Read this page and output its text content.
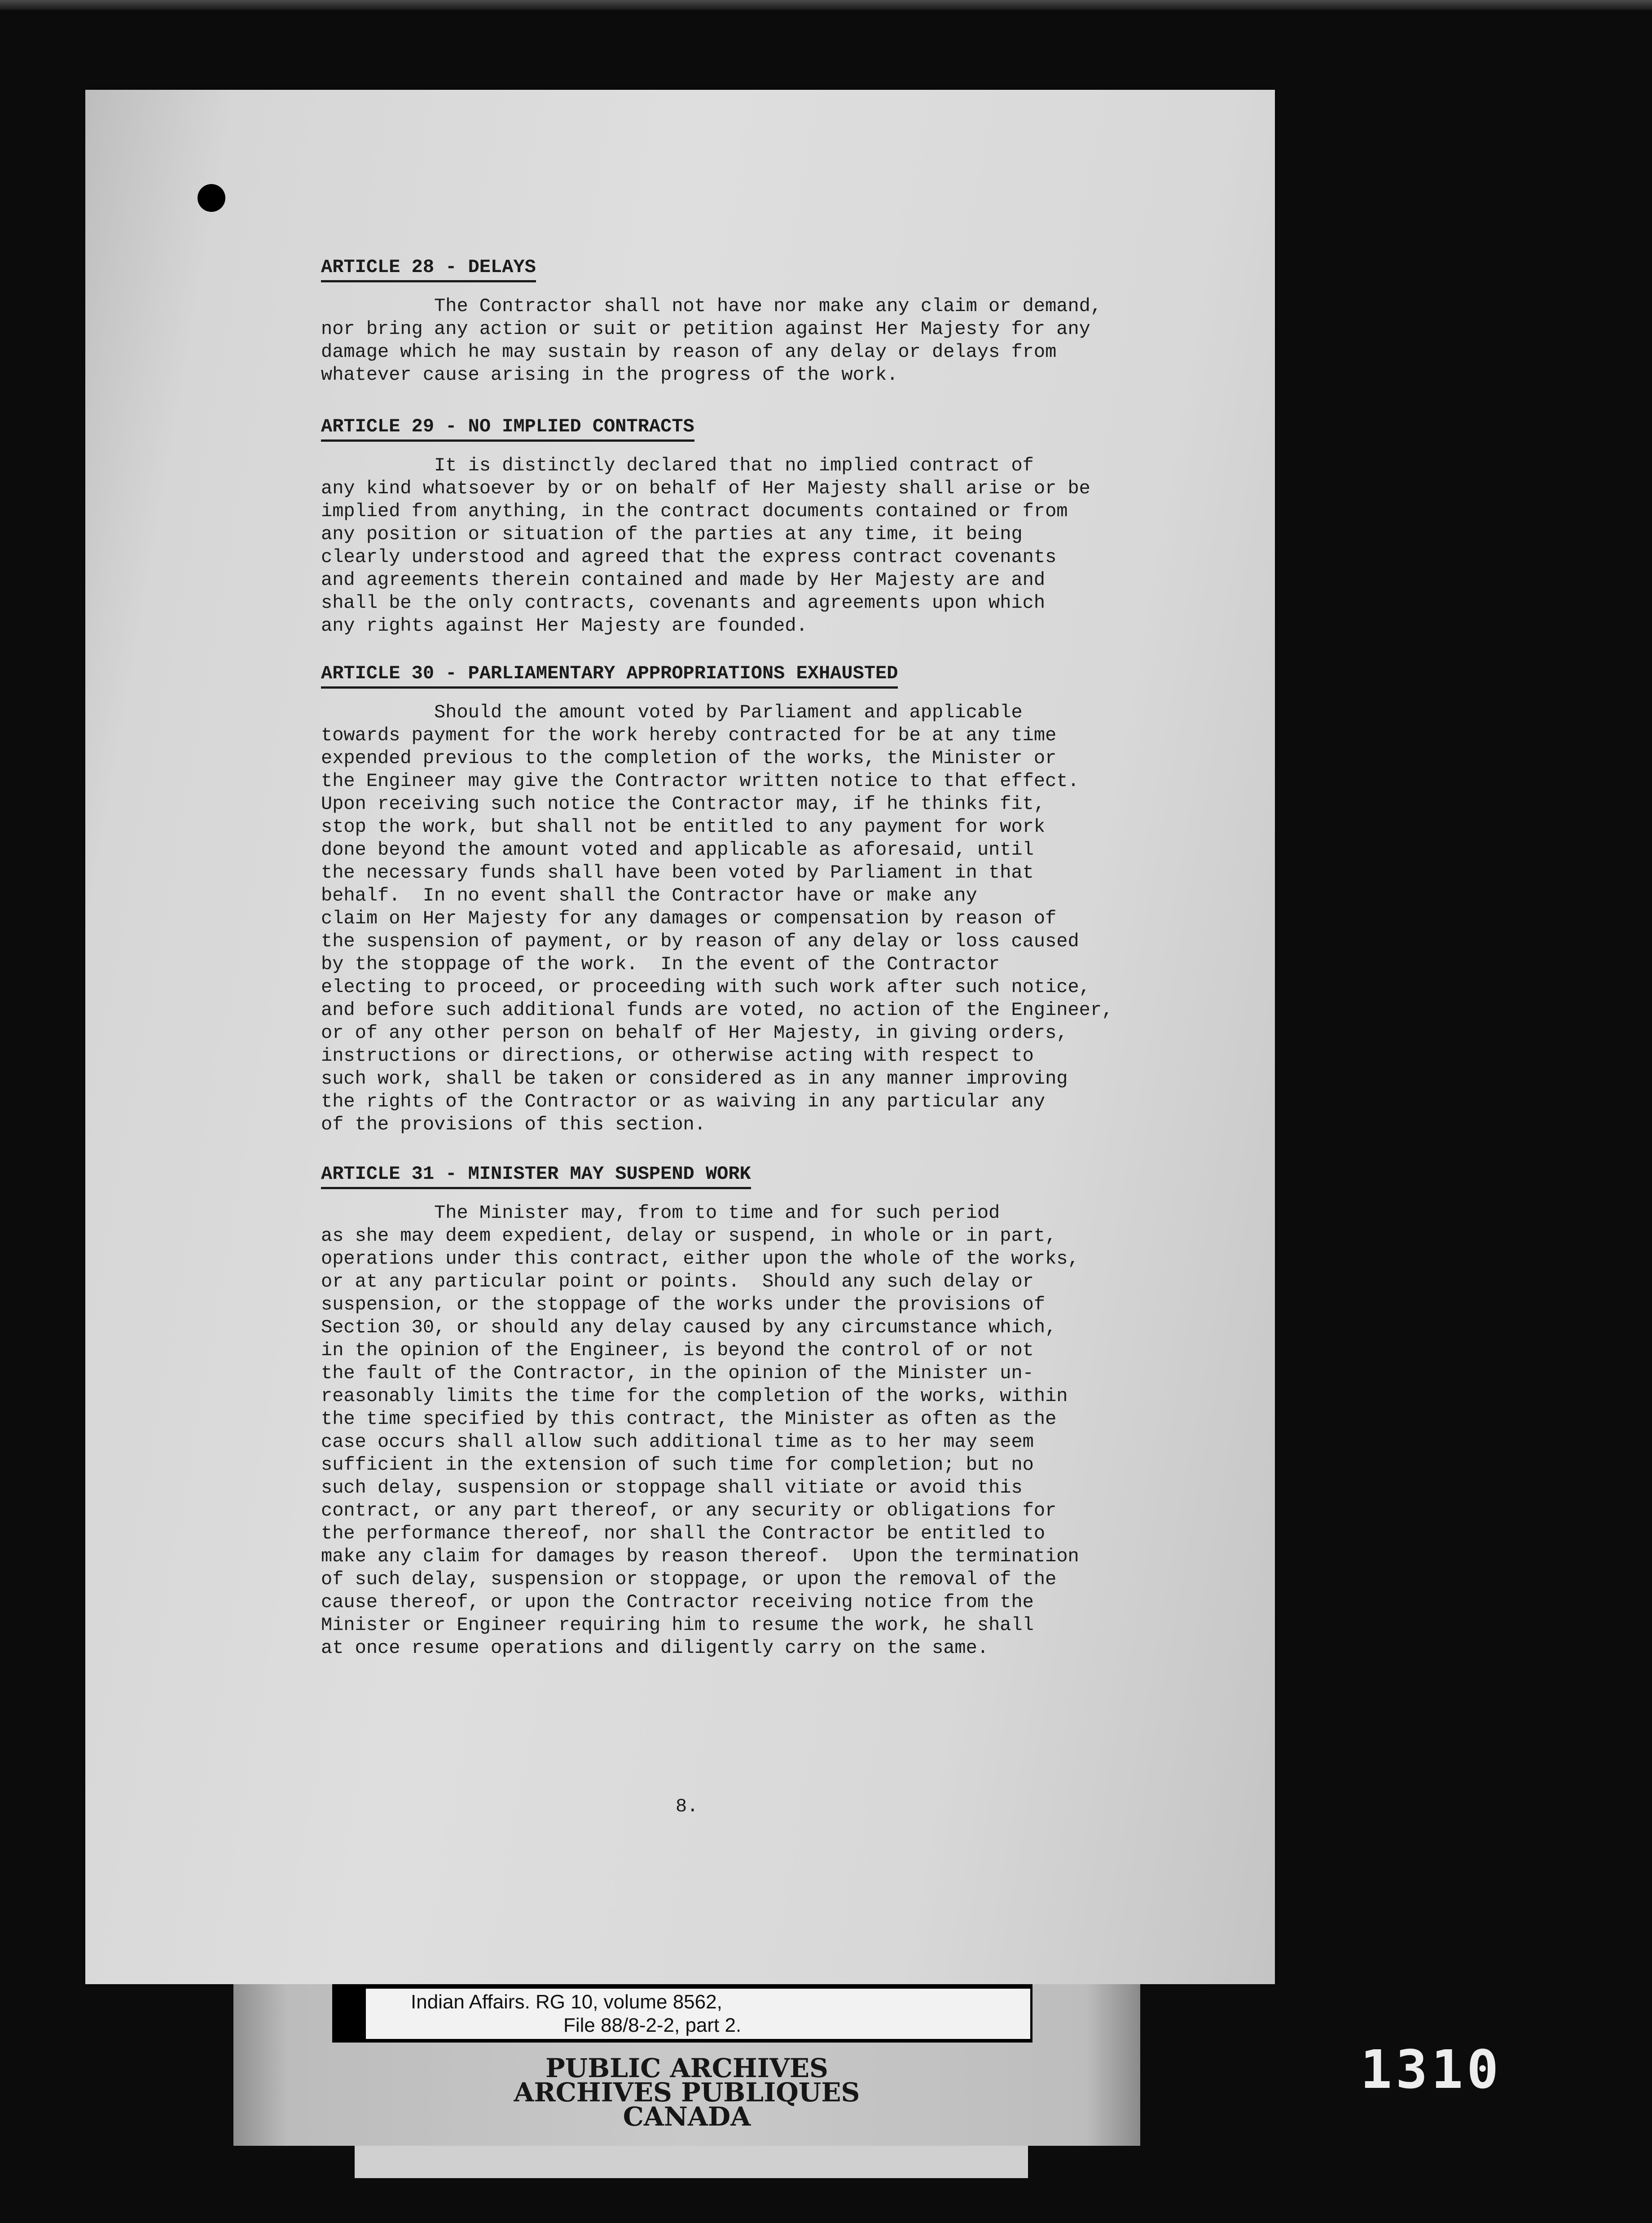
ARTICLE 28 - DELAYS
The Contractor shall not have nor make any claim or demand,
nor bring any action or suit or petition against Her Majesty for any
damage which he may sustain by reason of any delay or delays from
whatever cause arising in the progress of the work.
ARTICLE 29 - NO IMPLIED CONTRACTS
It is distinctly declared that no implied contract of
any kind whatsoever by or on behalf of Her Majesty shall arise or be
implied from anything, in the contract documents contained or from
any position or situation of the parties at any time, it being
clearly understood and agreed that the express contract covenants
and agreements therein contained and made by Her Majesty are and
shall be the only contracts, covenants and agreements upon which
any rights against Her Majesty are founded.
ARTICLE 30 - PARLIAMENTARY APPROPRIATIONS EXHAUSTED
Should the amount voted by Parliament and applicable
towards payment for the work hereby contracted for be at any time
expended previous to the completion of the works, the Minister or
the Engineer may give the Contractor written notice to that effect.
Upon receiving such notice the Contractor may, if he thinks fit,
stop the work, but shall not be entitled to any payment for work
done beyond the amount voted and applicable as aforesaid, until
the necessary funds shall have been voted by Parliament in that
behalf.  In no event shall the Contractor have or make any
claim on Her Majesty for any damages or compensation by reason of
the suspension of payment, or by reason of any delay or loss caused
by the stoppage of the work.  In the event of the Contractor
electing to proceed, or proceeding with such work after such notice,
and before such additional funds are voted, no action of the Engineer,
or of any other person on behalf of Her Majesty, in giving orders,
instructions or directions, or otherwise acting with respect to
such work, shall be taken or considered as in any manner improving
the rights of the Contractor or as waiving in any particular any
of the provisions of this section.
ARTICLE 31 - MINISTER MAY SUSPEND WORK
The Minister may, from to time and for such period
as she may deem expedient, delay or suspend, in whole or in part,
operations under this contract, either upon the whole of the works,
or at any particular point or points.  Should any such delay or
suspension, or the stoppage of the works under the provisions of
Section 30, or should any delay caused by any circumstance which,
in the opinion of the Engineer, is beyond the control of or not
the fault of the Contractor, in the opinion of the Minister un-
reasonably limits the time for the completion of the works, within
the time specified by this contract, the Minister as often as the
case occurs shall allow such additional time as to her may seem
sufficient in the extension of such time for completion; but no
such delay, suspension or stoppage shall vitiate or avoid this
contract, or any part thereof, or any security or obligations for
the performance thereof, nor shall the Contractor be entitled to
make any claim for damages by reason thereof.  Upon the termination
of such delay, suspension or stoppage, or upon the removal of the
cause thereof, or upon the Contractor receiving notice from the
Minister or Engineer requiring him to resume the work, he shall
at once resume operations and diligently carry on the same.
8.
Indian Affairs. RG 10, volume 8562,
File 88/8-2-2, part 2.
PUBLIC ARCHIVES
ARCHIVES PUBLIQUES
CANADA
1310
